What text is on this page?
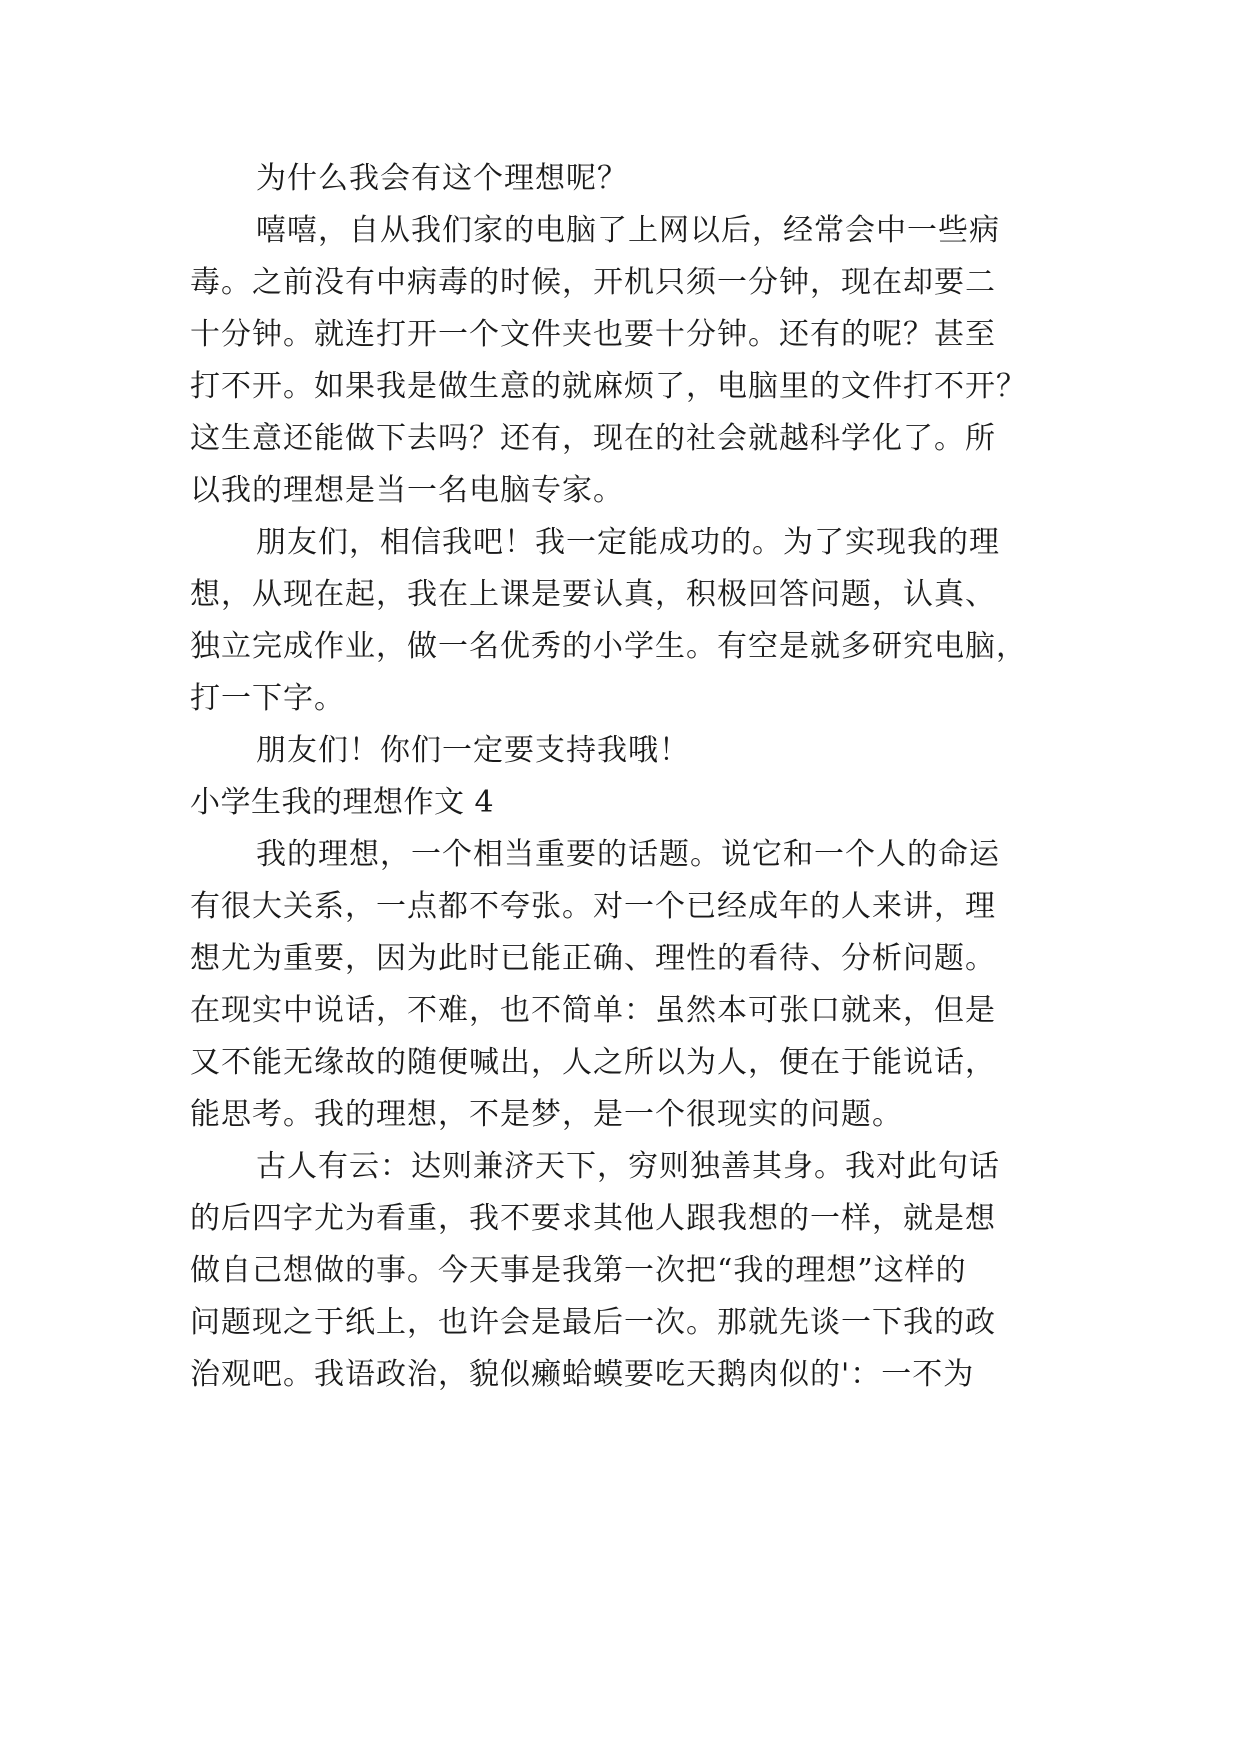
为什么我会有这个理想呢？
嘻嘻，自从我们家的电脑了上网以后，经常会中一些病
毒。之前没有中病毒的时候，开机只须一分钟，现在却要二
十分钟。就连打开一个文件夹也要十分钟。还有的呢？甚至
打不开。如果我是做生意的就麻烦了，电脑里的文件打不开？
这生意还能做下去吗？还有，现在的社会就越科学化了。所
以我的理想是当一名电脑专家。
朋友们，相信我吧！我一定能成功的。为了实现我的理
想，从现在起，我在上课是要认真，积极回答问题，认真、
独立完成作业，做一名优秀的小学生。有空是就多研究电脑，
打一下字。
朋友们！你们一定要支持我哦！
小学生我的理想作文 4
我的理想，一个相当重要的话题。说它和一个人的命运
有很大关系，一点都不夸张。对一个已经成年的人来讲，理
想尤为重要，因为此时已能正确、理性的看待、分析问题。
在现实中说话，不难，也不简单：虽然本可张口就来，但是
又不能无缘故的随便喊出，人之所以为人，便在于能说话，
能思考。我的理想，不是梦，是一个很现实的问题。
古人有云：达则兼济天下，穷则独善其身。我对此句话
的后四字尤为看重，我不要求其他人跟我想的一样，就是想
做自己想做的事。今天事是我第一次把“我的理想”这样的
问题现之于纸上，也许会是最后一次。那就先谈一下我的政
治观吧。我语政治，貌似癞蛤蟆要吃天鹅肉似的'：一不为
